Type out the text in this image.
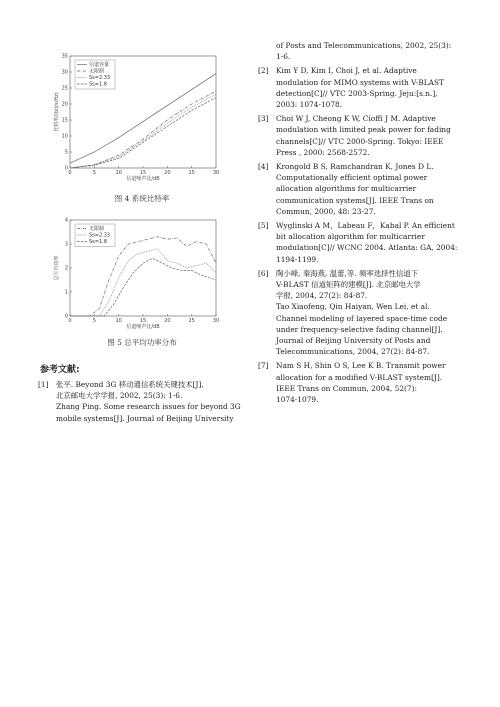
0	5	10	15	20	25	30
0
5
10
15
20
25
30
35
信道噪声比/dB
比特率/(bit/s/Hz)
信道容量
无限制
Ss=2.33
Ss=1.8
图 4 系统比特率
0	5	10	15	20	25	30
0
1
2
3
4
信道噪声比/dB
总平均功率
无限制
Ss=2.33
Ss=1.8
图 5 总平均功率分布
参考文献:
[1]	张平. Beyond 3G 移动通信系统关键技术[J].
北京邮电大学学报, 2002, 25(3): 1-6.
Zhang Ping. Some research issues for beyond 3G
mobile systems[J]. Journal of Beijing University
of Posts and Telecommunications, 2002, 25(3):
1-6.
[2]	Kim Y D, Kim I, Choi J, et al. Adaptive
modulation for MIMO systems with V-BLAST
detection[C]// VTC 2003-Spring. Jeju:[s.n.],
2003: 1074-1078.
[3]	Choi W J, Cheong K W, Cioffi J M. Adaptive
modulation with limited peak power for fading
channels[C]// VTC 2000-Spring. Tokyo: IEEE
Press , 2000: 2568-2572.
[4]	Krongold B S, Ramchandran K, Jones D L.
Computationally efficient optimal power
allocation algorithms for multicarrier
communication systems[J]. IEEE Trans on
Commun, 2000, 48: 23-27.
[5]	Wyglinski A M，Labeau F，Kabal P. An efficient
bit allocation algorithm for multicarrier
modulation[C]// WCNC 2004. Atlanta: GA, 2004:
1194-1199.
[6]	陶小峰, 秦海燕, 温蕾,等. 频率选择性信道下
V-BLAST 信道矩阵的建模[J]. 北京邮电大学
学报, 2004, 27(2): 84-87.
Tao Xiaofeng, Qin Haiyan, Wen Lei, et al.
Channel modeling of layered space-time code
under frequency-selective fading channel[J].
Journal of Beijing University of Posts and
Telecommunications, 2004, 27(2): 84-87.
[7]	Nam S H, Shin O S, Lee K B. Transmit power
allocation for a modified V-BLAST system[J].
IEEE Trans on Commun, 2004, 52(7):
1074-1079.
